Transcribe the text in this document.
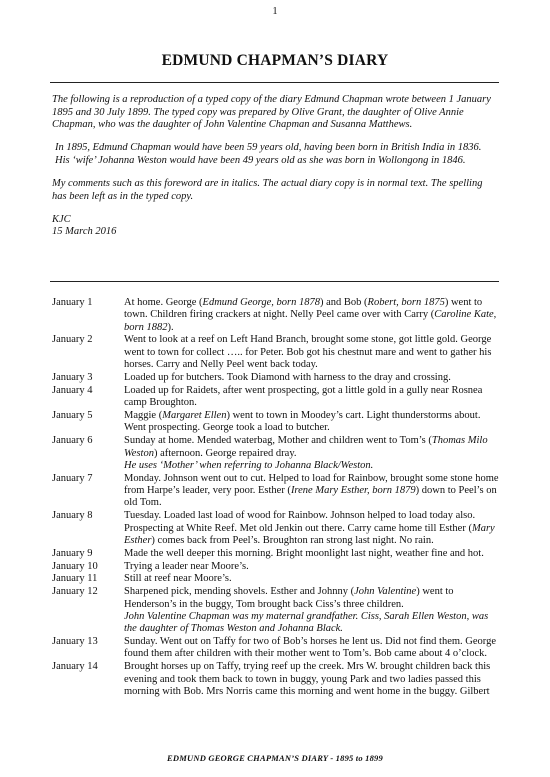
1
EDMUND CHAPMAN’S DIARY

The following is a reproduction of a typed copy of the diary Edmund Chapman wrote between 1 January 1895 and 30 July 1899. The typed copy was prepared by Olive Grant, the daughter of Olive Annie Chapman, who was the daughter of John Valentine Chapman and Susanna Matthews.

In 1895, Edmund Chapman would have been 59 years old, having been born in British India in 1836. His ‘wife’ Johanna Weston would have been 49 years old as she was born in Wollongong in 1846.

My comments such as this foreword are in italics. The actual diary copy is in normal text. The spelling has been left as in the typed copy.

KJC

15 March 2016

January 1	At home. George (Edmund George, born 1878) and Bob (Robert, born 1875) went to town. Children firing crackers at night. Nelly Peel came over with Carry (Caroline Kate, born 1882).
January 2	Went to look at a reef on Left Hand Branch, brought some stone, got little gold. George went to town for collect ….. for Peter. Bob got his chestnut mare and went to gather his horses. Carry and Nelly Peel went back today.
January 3	Loaded up for butchers. Took Diamond with harness to the dray and crossing.
January 4	Loaded up for Raidets, after went prospecting, got a little gold in a gully near Rosnea camp Broughton.
January 5	Maggie (Margaret Ellen) went to town in Moodey’s cart. Light thunderstorms about. Went prospecting. George took a load to butcher.
January 6	Sunday at home. Mended waterbag, Mother and children went to Tom’s (Thomas Milo Weston) afternoon. George repaired dray.
He uses ‘Mother’ when referring to Johanna Black/Weston.
January 7	Monday. Johnson went out to cut. Helped to load for Rainbow, brought some stone home from Harpe’s leader, very poor. Esther (Irene Mary Esther, born 1879) down to Peel’s on old Tom.
January 8	Tuesday. Loaded last load of wood for Rainbow. Johnson helped to load today also. Prospecting at White Reef. Met old Jenkin out there. Carry came home till Esther (Mary Esther) comes back from Peel’s. Broughton ran strong last night. No rain.
January 9	Made the well deeper this morning. Bright moonlight last night, weather fine and hot.
January 10	Trying a leader near Moore’s.
January 11	Still at reef near Moore’s.
January 12	Sharpened pick, mending shovels. Esther and Johnny (John Valentine) went to Henderson’s in the buggy, Tom brought back Ciss’s three children.
John Valentine Chapman was my maternal grandfather. Ciss, Sarah Ellen Weston, was the daughter of Thomas Weston and Johanna Black.
January 13	Sunday. Went out on Taffy for two of Bob’s horses he lent us. Did not find them. George found them after children with their mother went to Tom’s. Bob came about 4 o’clock.
January 14	Brought horses up on Taffy, trying reef up the creek. Mrs W. brought children back this evening and took them back to town in buggy, young Park and two ladies passed this morning with Bob. Mrs Norris came this morning and went home in the buggy. Gilbert
EDMUND GEORGE CHAPMAN’S DIARY - 1895 to 1899
